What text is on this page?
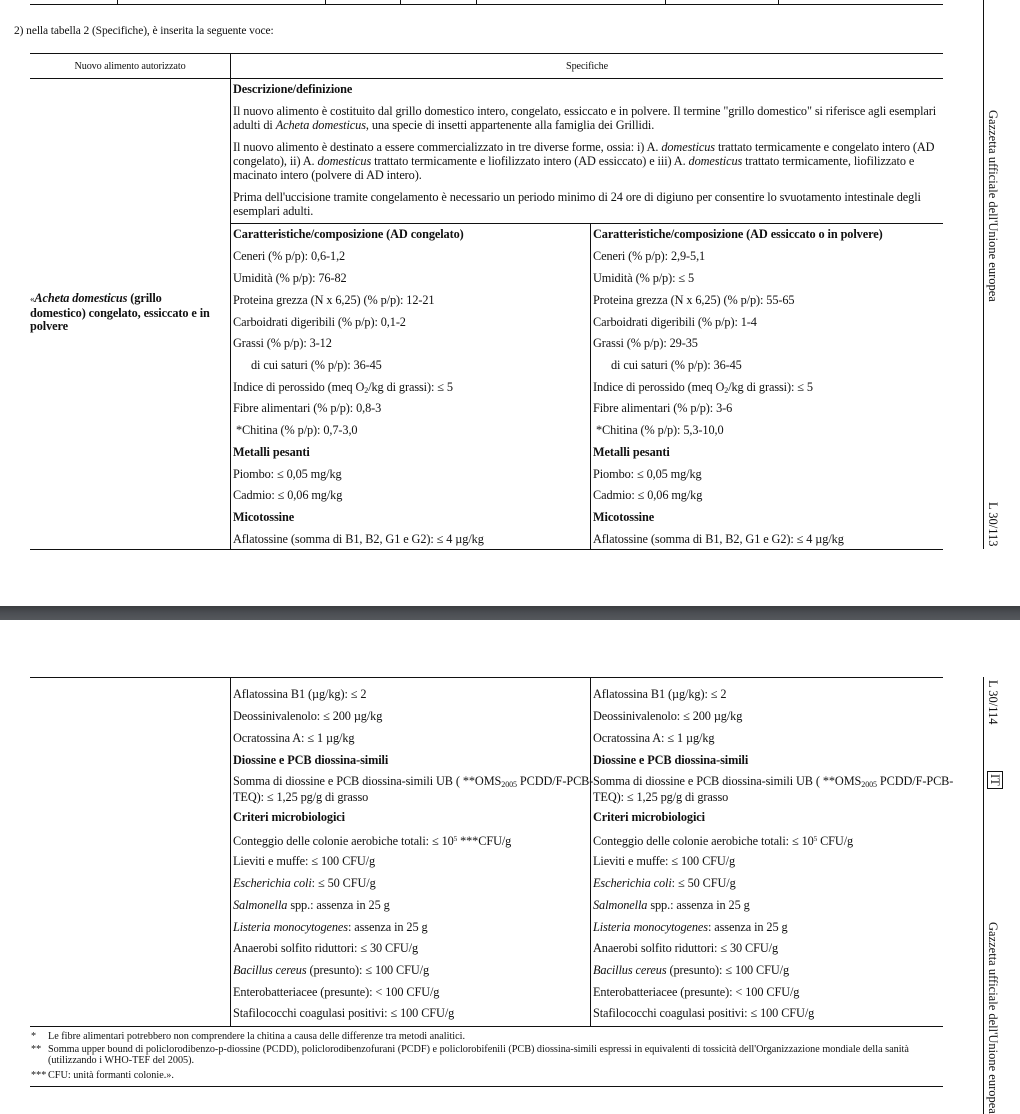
2) nella tabella 2 (Specifiche), è inserita la seguente voce:
Nuovo alimento autorizzato	Specifiche
«Acheta domesticus (grillo
domestico) congelato, essiccato e in
polvere
Descrizione/definizione
Il nuovo alimento è costituito dal grillo domestico intero, congelato, essiccato e in polvere. Il termine "grillo domestico" si riferisce agli esemplari adulti di Acheta domesticus, una specie di insetti appartenente alla famiglia dei Grillidi.
Il nuovo alimento è destinato a essere commercializzato in tre diverse forme, ossia: i) A. domesticus trattato termicamente e congelato intero (AD congelato), ii) A. domesticus trattato termicamente e liofilizzato intero (AD essiccato) e iii) A. domesticus trattato termicamente, liofilizzato e macinato intero (polvere di AD intero).
Prima dell'uccisione tramite congelamento è necessario un periodo minimo di 24 ore di digiuno per consentire lo svuotamento intestinale degli esemplari adulti.
Caratteristiche/composizione (AD congelato)
Ceneri (% p/p): 0,6-1,2
Umidità (% p/p): 76-82
Proteina grezza (N x 6,25) (% p/p): 12-21
Carboidrati digeribili (% p/p): 0,1-2
Grassi (% p/p): 3-12
di cui saturi (% p/p): 36-45
Indice di perossido (meq $O_2/kg$ di grassi): ≤ 5
Fibre alimentari (% p/p): 0,8-3
*Chitina (% p/p): 0,7-3,0
Metalli pesanti
Piombo: ≤ 0,05 mg/kg
Cadmio: ≤ 0,06 mg/kg
Micotossine
Aflatossine (somma di B1, B2, G1 e G2): ≤ 4 µg/kg
Caratteristiche/composizione (AD essiccato o in polvere)
Ceneri (% p/p): 2,9-5,1
Umidità (% p/p): ≤ 5
Proteina grezza (N x 6,25) (% p/p): 55-65
Carboidrati digeribili (% p/p): 1-4
Grassi (% p/p): 29-35
di cui saturi (% p/p): 36-45
Indice di perossido (meq $O_2/kg$ di grassi): ≤ 5
Fibre alimentari (% p/p): 3-6
*Chitina (% p/p): 5,3-10,0
Metalli pesanti
Piombo: ≤ 0,05 mg/kg
Cadmio: ≤ 0,06 mg/kg
Micotossine
Aflatossine (somma di B1, B2, G1 e G2): ≤ 4 µg/kg
Gazzetta ufficiale dell'Unione europea
L 30/113
Aflatossina B1 (µg/kg): ≤ 2
Deossinivalenolo: ≤ 200 µg/kg
Ocratossina A: ≤ 1 µg/kg
Diossine e PCB diossina-simili
Somma di diossine e PCB diossina-simili UB ( $**OMS_{2005}$ PCDD/F-PCB-
TEQ): ≤ 1,25 pg/g di grasso
Criteri microbiologici
Conteggio delle colonie aerobiche totali: ≤ $10^5$ ***CFU/g
Lieviti e muffe: ≤ 100 CFU/g
Escherichia coli: ≤ 50 CFU/g
Salmonella spp.: assenza in 25 g
Listeria monocytogenes: assenza in 25 g
Anaerobi solfito riduttori: ≤ 30 CFU/g
Bacillus cereus (presunto): ≤ 100 CFU/g
Enterobatteriacee (presunte): < 100 CFU/g
Stafilococchi coagulasi positivi: ≤ 100 CFU/g
Aflatossina B1 (µg/kg): ≤ 2
Deossinivalenolo: ≤ 200 µg/kg
Ocratossina A: ≤ 1 µg/kg
Diossine e PCB diossina-simili
Somma di diossine e PCB diossina-simili UB ( $**OMS_{2005}$ PCDD/F-PCB-
TEQ): ≤ 1,25 pg/g di grasso
Criteri microbiologici
Conteggio delle colonie aerobiche totali: ≤ $10^5$ CFU/g
Lieviti e muffe: ≤ 100 CFU/g
Escherichia coli: ≤ 50 CFU/g
Salmonella spp.: assenza in 25 g
Listeria monocytogenes: assenza in 25 g
Anaerobi solfito riduttori: ≤ 30 CFU/g
Bacillus cereus (presunto): ≤ 100 CFU/g
Enterobatteriacee (presunte): < 100 CFU/g
Stafilococchi coagulasi positivi: ≤ 100 CFU/g
* Le fibre alimentari potrebbero non comprendere la chitina a causa delle differenze tra metodi analitici.
** Somma upper bound di policlorodibenzo-p-diossine (PCDD), policlorodibenzofurani (PCDF) e policlorobifenili (PCB) diossina-simili espressi in equivalenti di tossicità dell'Organizzazione mondiale della sanità (utilizzando i WHO-TEF del 2005).
*** CFU: unità formanti colonie.».
L 30/114
IT
Gazzetta ufficiale dell'Unione europea
